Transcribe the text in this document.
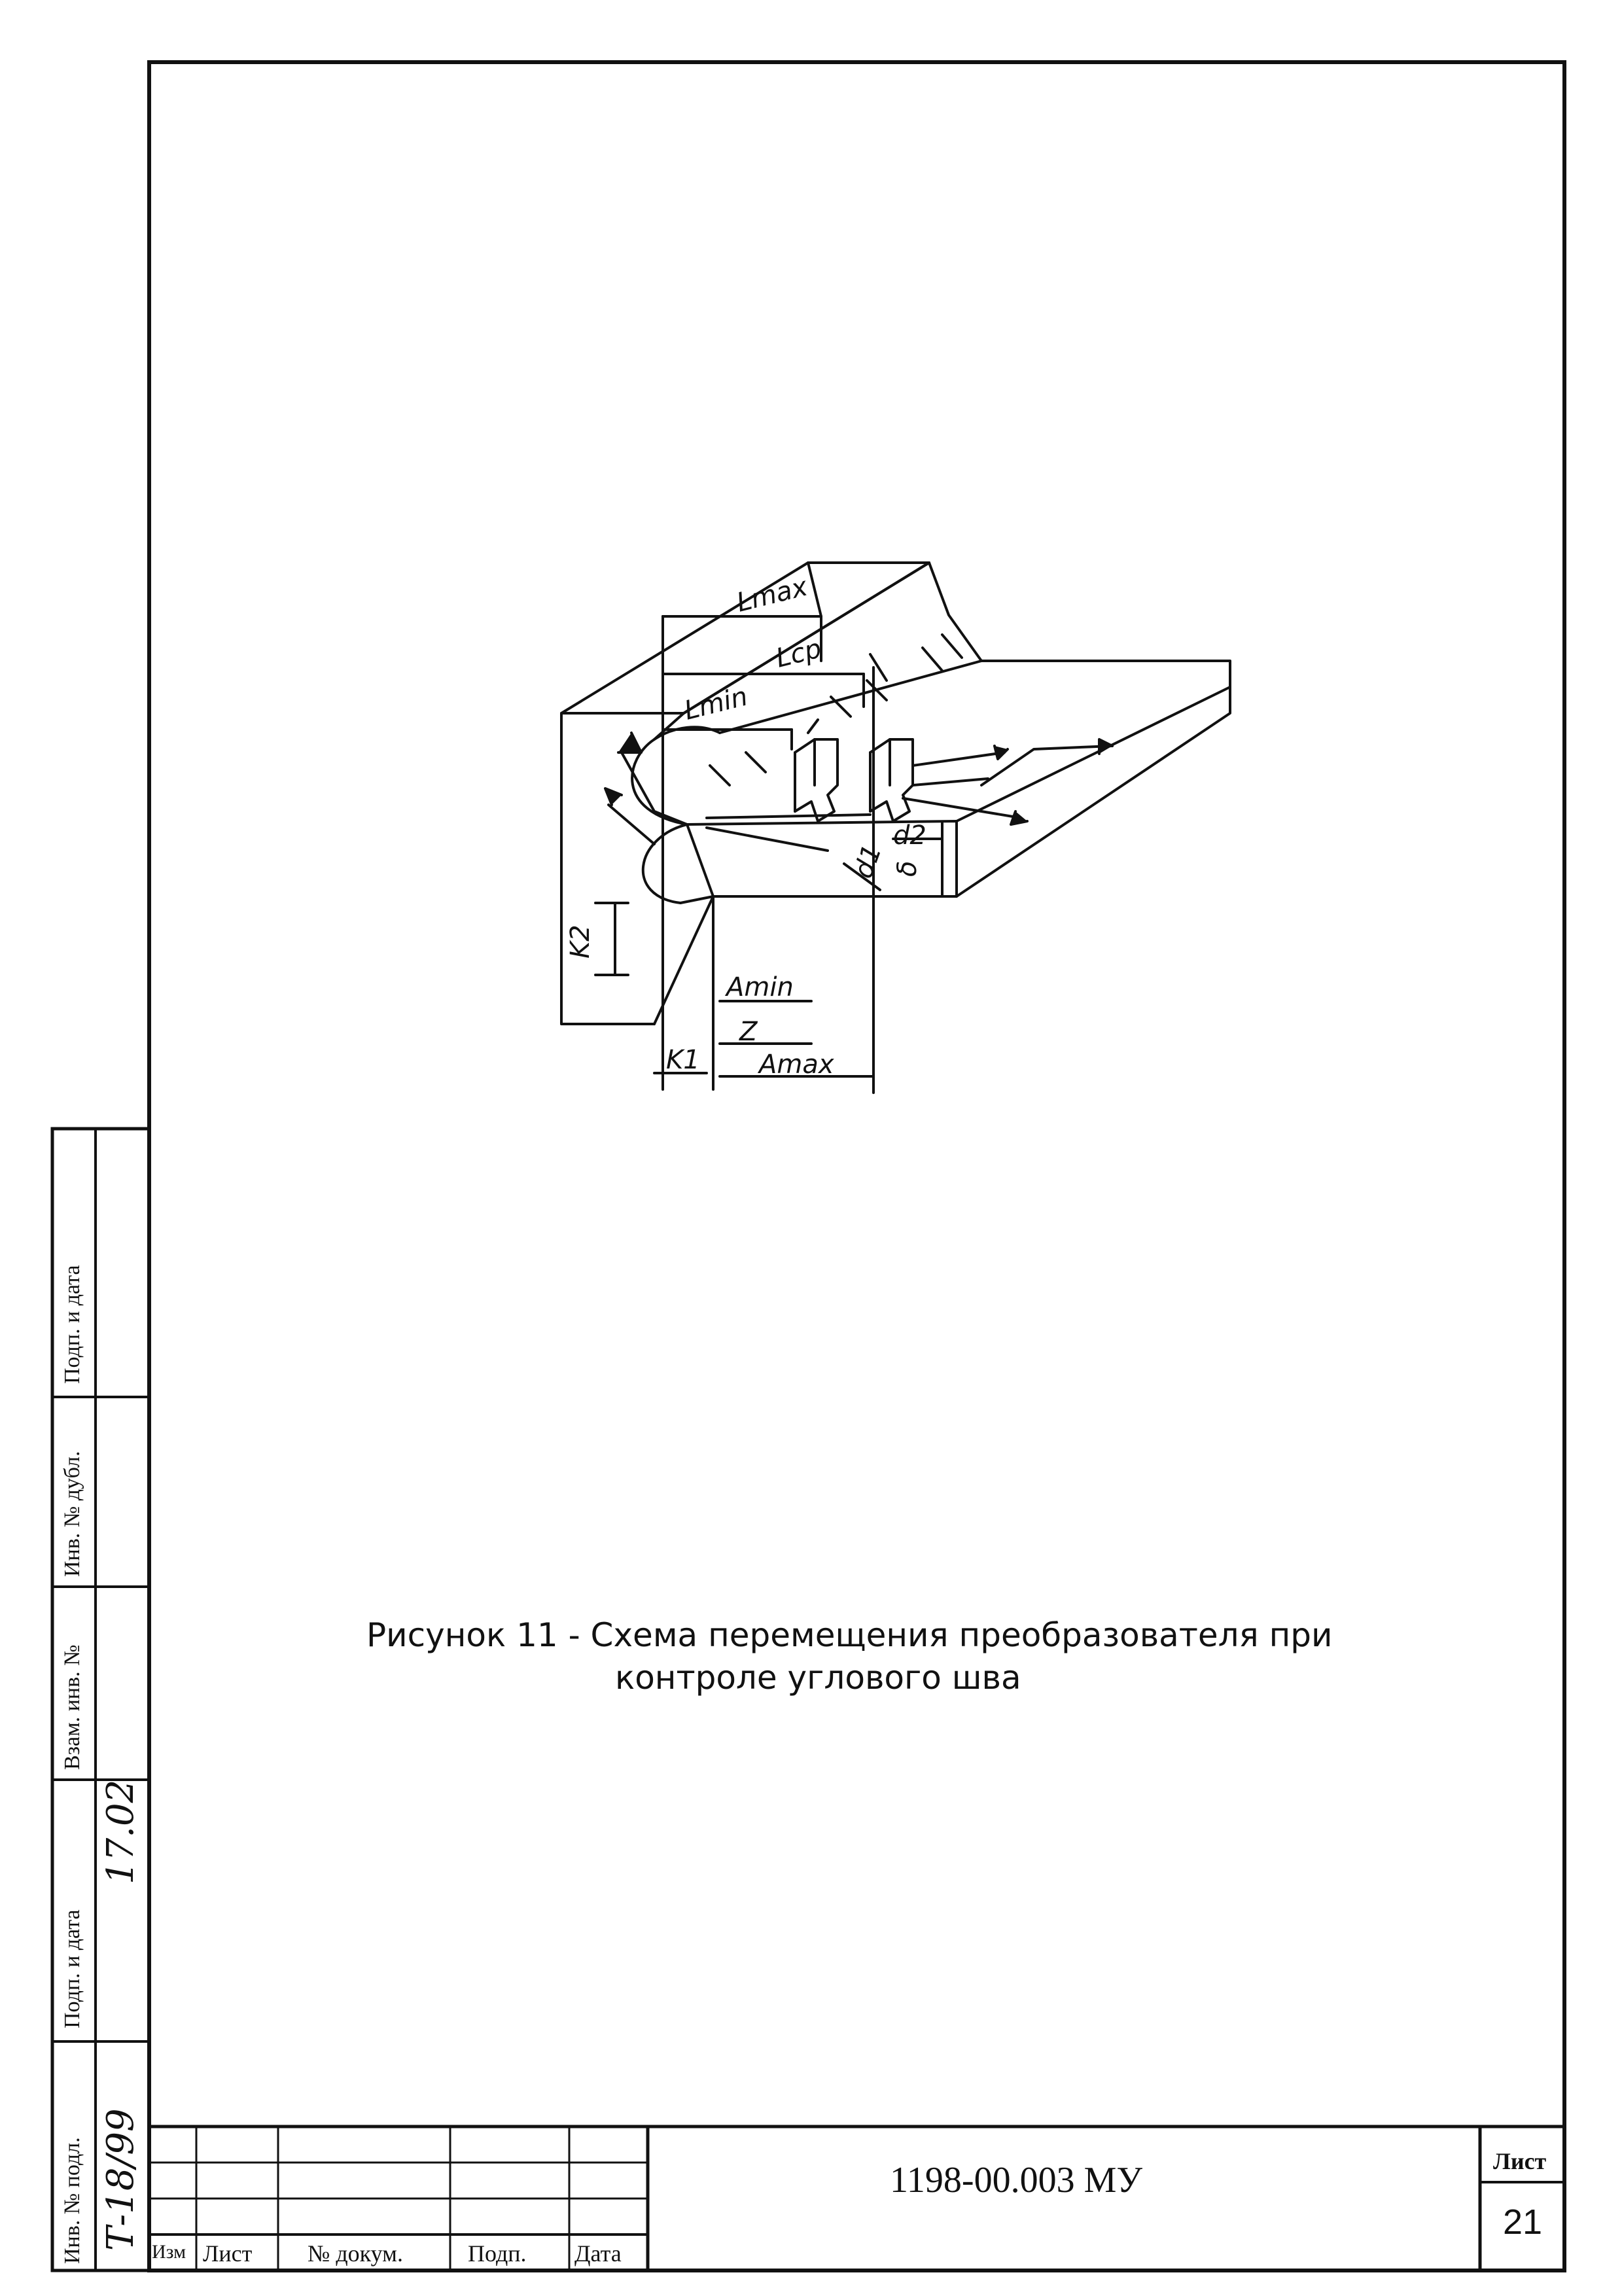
Lmax
Lср
Lmin
Amin
Z
K1 Amax
K2
d1
d2
δ
Рисунок 11 - Схема перемещения преобразователя при
контроле углового шва
Инв. № подл.
Подп. и дата
Взам. инв. №
Инв. № дубл.
Подп. и дата
Т-18/99
17.02
Изм Лист № докум.	Подп. Дата
1198-00.003 МУ	Лист
21
